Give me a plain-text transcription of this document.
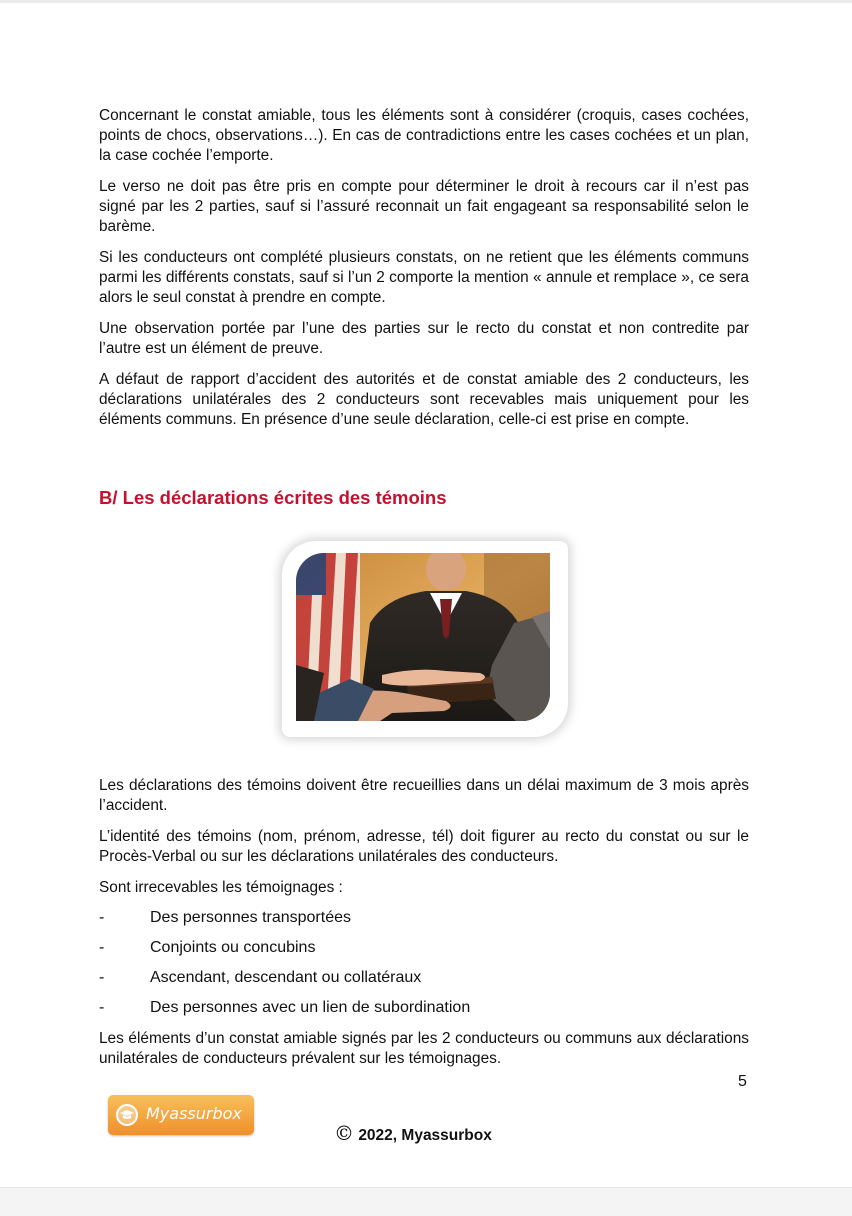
Concernant le constat amiable, tous les éléments sont à considérer (croquis, cases cochées, points de chocs, observations…). En cas de contradictions entre les cases cochées et un plan, la case cochée l’emporte.

Le verso ne doit pas être pris en compte pour déterminer le droit à recours car il n’est pas signé par les 2 parties, sauf si l’assuré reconnait un fait engageant sa responsabilité selon le barème.

Si les conducteurs ont complété plusieurs constats, on ne retient que les éléments communs parmi les différents constats, sauf si l’un 2 comporte la mention « annule et remplace », ce sera alors le seul constat à prendre en compte.

Une observation portée par l’une des parties sur le recto du constat et non contredite par l’autre est un élément de preuve.

A défaut de rapport d’accident des autorités et de constat amiable des 2 conducteurs, les déclarations unilatérales des 2 conducteurs sont recevables mais uniquement pour les éléments communs. En présence d’une seule déclaration, celle-ci est prise en compte.

B/ Les déclarations écrites des témoins

Les déclarations des témoins doivent être recueillies dans un délai maximum de 3 mois après l’accident.

L’identité des témoins (nom, prénom, adresse, tél) doit figurer au recto du constat ou sur le Procès-Verbal ou sur les déclarations unilatérales des conducteurs.

Sont irrecevables les témoignages :

-	Des personnes transportées
-	Conjoints ou concubins
-	Ascendant, descendant ou collatéraux
-	Des personnes avec un lien de subordination

Les éléments d’un constat amiable signés par les 2 conducteurs ou communs aux déclarations unilatérales de conducteurs prévalent sur les témoignages.

5
Myassurbox
© 2022, Myassurbox
